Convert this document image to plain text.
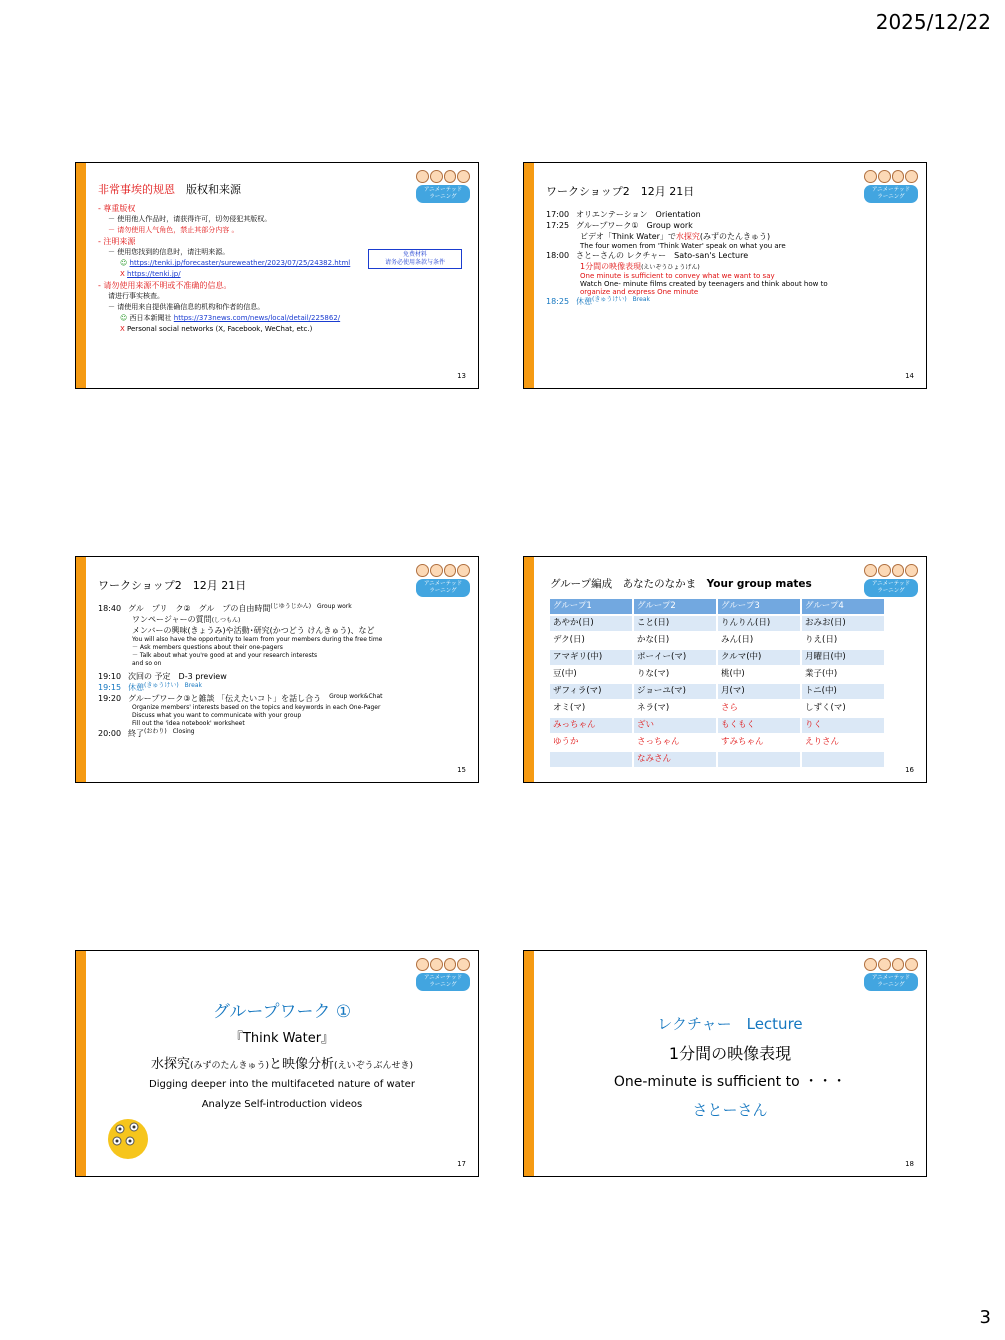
2025/12/22
アニメーテッド
ラーニング
非常事埃的规恩　 版权和来源
- 尊重版权
－ 使用他人作品时，请获得许可，切勿侵犯其版权。
－ 请勿使用人气角色，禁止其部分内容 。
- 注明来源
－ 使用您找到的信息时，请注明来源。
☺ https://tenki.jp/forecaster/sureweather/2023/07/25/24382.html
X https://tenki.jp/
- 请勿使用来源不明或不准确的信息。
请进行事实核查。
－ 请使用来自提供准确信息的机构和作者的信息。
☺ 西日本新聞社 https://373news.com/news/local/detail/225862/
X Personal social networks (X, Facebook, WeChat, etc.)
免费材料
请务必使用条款与条件
13
アニメーテッド
ラーニング
ワークショップ2　12月 21日
17:00 オリエンテーション　Orientation
17:25 グループワーク①　Group work
ビデオ「Think Water」で水探究(みずのたんきゅう)
The four women from 'Think Water' speak on what you are
18:00 さとーさんの レクチャー　Sato-san's Lecture
1分間の映像表現(えいぞうひょうげん)
One minute is sufficient to convey what we want to say
Watch One- minute films created by teenagers and think about how to
organize and express One minute
18:25 休憩 (きゅうけい)　Break
14
アニメーテッド
ラーニング
ワークショップ2　12月 21日
18:40 グル　プリ　ク②　グル　プの自由時間 (じゆうじかん)　Group work
ワンページャーの質問(しつもん)
メンバーの興味(きょうみ)や活動･研究(かつどう けんきゅう)、など
You will also have the opportunity to learn from your members during the free time
－ Ask members questions about their one-pagers
－ Talk about what you're good at and your research interests
and so on
19:10 次回の 予定　D-3 preview
19:15 休憩 (きゅうけい)　Break
19:20 グループワーク③と雑談 「伝えたいコト」を話し合う
　 Group work&Chat
Organize members' interests based on the topics and keywords in each One-Pager
Discuss what you want to communicate with your group
Fill out the 'idea notebook' worksheet
20:00 終了 (おわり)　Closing
15
アニメーテッド
ラーニング
グループ編成　あなたのなかま　 Your group mates
グループ1	グループ2	グループ3	グループ4
あやか(日)	こと(日)	りんりん(日)	おみお(日)
デク(日)	かな(日)	みん(日)	りえ(日)
アマギリ(中)	ポーイー(マ)	クルマ(中)	月曜日(中)
豆(中)	りな(マ)	桃(中)	業子(中)
ザフィラ(マ)	ジョーユ(マ)	月(マ)	トニ(中)
オミ(マ)	ネラ(マ)	さら	しずく(マ)
みっちゃん	ざい	もくもく	りく
ゆうか	さっちゃん	すみちゃん	えりさん
	なみさん		
16
アニメーテッド
ラーニング
グループワーク ①
『Think Water』
水探究(みずのたんきゅう)と映像分析(えいぞうぶんせき)
Digging deeper into the multifaceted nature of water
Analyze Self-introduction videos
17
アニメーテッド
ラーニング
レクチャー　Lecture
1分間の映像表現
One-minute is sufficient to ・・・
さとーさん
18
3
